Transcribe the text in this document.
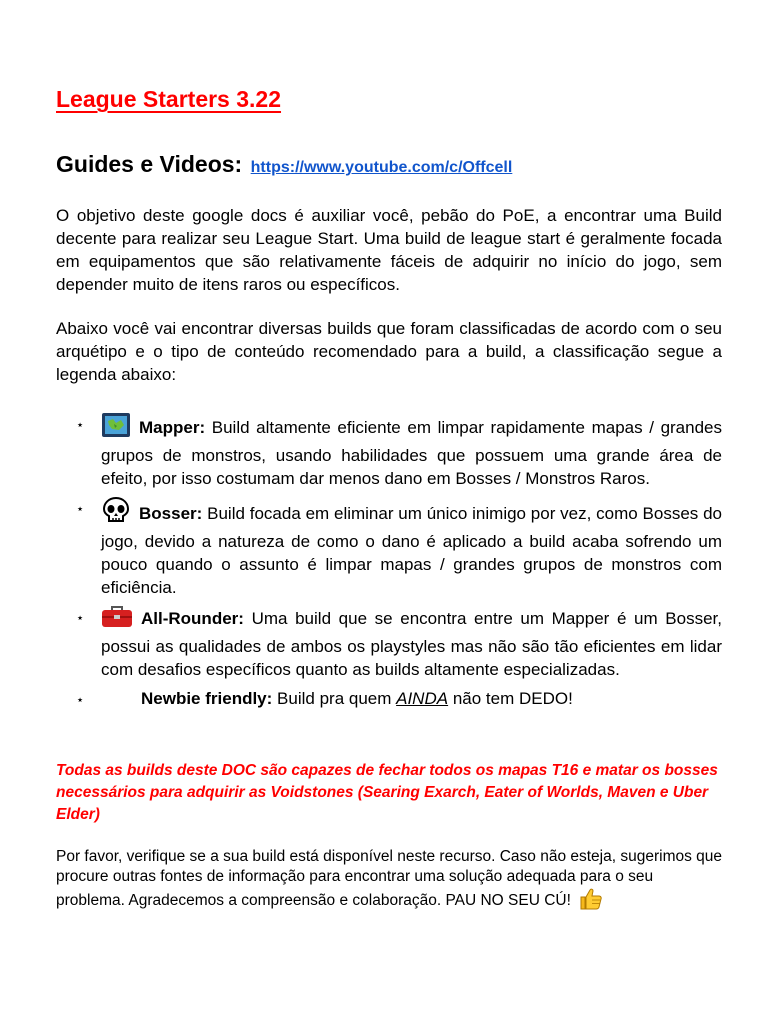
League Starters 3.22
Guides e Videos: https://www.youtube.com/c/Offcell

O objetivo deste google docs é auxiliar você, pebão do PoE, a encontrar uma Build decente para realizar seu League Start. Uma build de league start é geralmente focada em equipamentos que são relativamente fáceis de adquirir no início do jogo, sem depender muito de itens raros ou específicos.

Abaixo você vai encontrar diversas builds que foram classificadas de acordo com o seu arquétipo e o tipo de conteúdo recomendado para a build, a classificação segue a legenda abaixo:

⋆	Mapper: Build altamente eficiente em limpar rapidamente mapas / grandes grupos de monstros, usando habilidades que possuem uma grande área de efeito, por isso costumam dar menos dano em Bosses / Monstros Raros.
⋆	Bosser: Build focada em eliminar um único inimigo por vez, como Bosses do jogo, devido a natureza de como o dano é aplicado a build acaba sofrendo um pouco quando o assunto é limpar mapas / grandes grupos de monstros com eficiência.
⋆	All-Rounder: Uma build que se encontra entre um Mapper é um Bosser, possui as qualidades de ambos os playstyles mas não são tão eficientes em lidar com desafios específicos quanto as builds altamente especializadas.
⋆	Newbie friendly: Build pra quem AINDA não tem DEDO!

Todas as builds deste DOC são capazes de fechar todos os mapas T16 e matar os bosses necessários para adquirir as Voidstones (Searing Exarch, Eater of Worlds, Maven e Uber Elder)

Por favor, verifique se a sua build está disponível neste recurso. Caso não esteja, sugerimos que procure outras fontes de informação para encontrar uma solução adequada para o seu problema. Agradecemos a compreensão e colaboração. PAU NO SEU CÚ!
